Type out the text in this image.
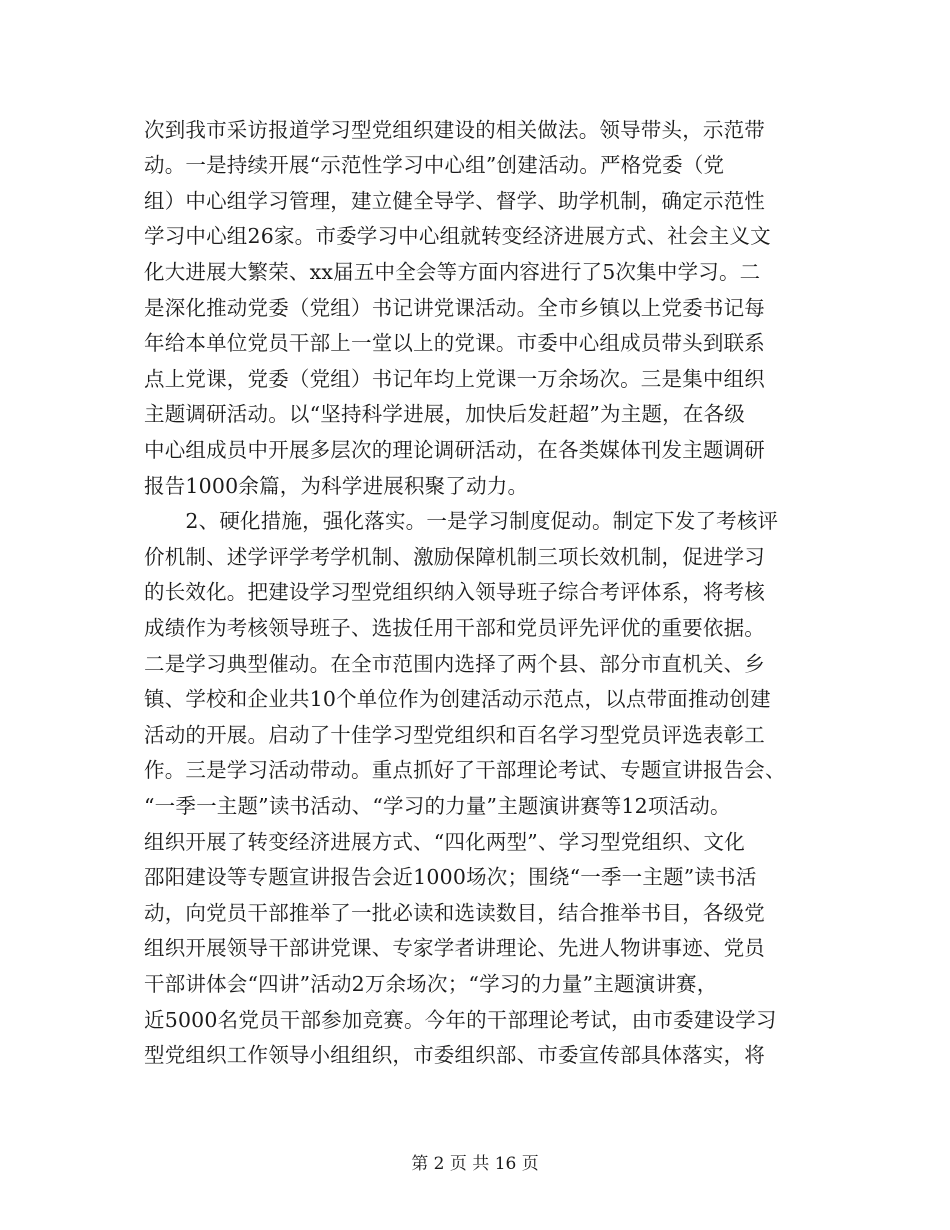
次到我市采访报道学习型党组织建设的相关做法。领导带头，示范带
动。一是持续开展“示范性学习中心组”创建活动。严格党委（党
组）中心组学习管理，建立健全导学、督学、助学机制，确定示范性
学习中心组26家。市委学习中心组就转变经济进展方式、社会主义文
化大进展大繁荣、xx届五中全会等方面内容进行了5次集中学习。二
是深化推动党委（党组）书记讲党课活动。全市乡镇以上党委书记每
年给本单位党员干部上一堂以上的党课。市委中心组成员带头到联系
点上党课，党委（党组）书记年均上党课一万余场次。三是集中组织
主题调研活动。以“坚持科学进展，加快后发赶超”为主题，在各级
中心组成员中开展多层次的理论调研活动，在各类媒体刊发主题调研
报告1000余篇，为科学进展积聚了动力。
　　2、硬化措施，强化落实。一是学习制度促动。制定下发了考核评
价机制、述学评学考学机制、激励保障机制三项长效机制，促进学习
的长效化。把建设学习型党组织纳入领导班子综合考评体系，将考核
成绩作为考核领导班子、选拔任用干部和党员评先评优的重要依据。
二是学习典型催动。在全市范围内选择了两个县、部分市直机关、乡
镇、学校和企业共10个单位作为创建活动示范点，以点带面推动创建
活动的开展。启动了十佳学习型党组织和百名学习型党员评选表彰工
作。三是学习活动带动。重点抓好了干部理论考试、专题宣讲报告会、
“一季一主题”读书活动、“学习的力量”主题演讲赛等12项活动。
组织开展了转变经济进展方式、“四化两型”、学习型党组织、文化
邵阳建设等专题宣讲报告会近1000场次；围绕“一季一主题”读书活
动，向党员干部推举了一批必读和选读数目，结合推举书目，各级党
组织开展领导干部讲党课、专家学者讲理论、先进人物讲事迹、党员
干部讲体会“四讲”活动2万余场次；“学习的力量”主题演讲赛，
近5000名党员干部参加竞赛。今年的干部理论考试，由市委建设学习
型党组织工作领导小组组织，市委组织部、市委宣传部具体落实，将
第 2 页 共 16 页
